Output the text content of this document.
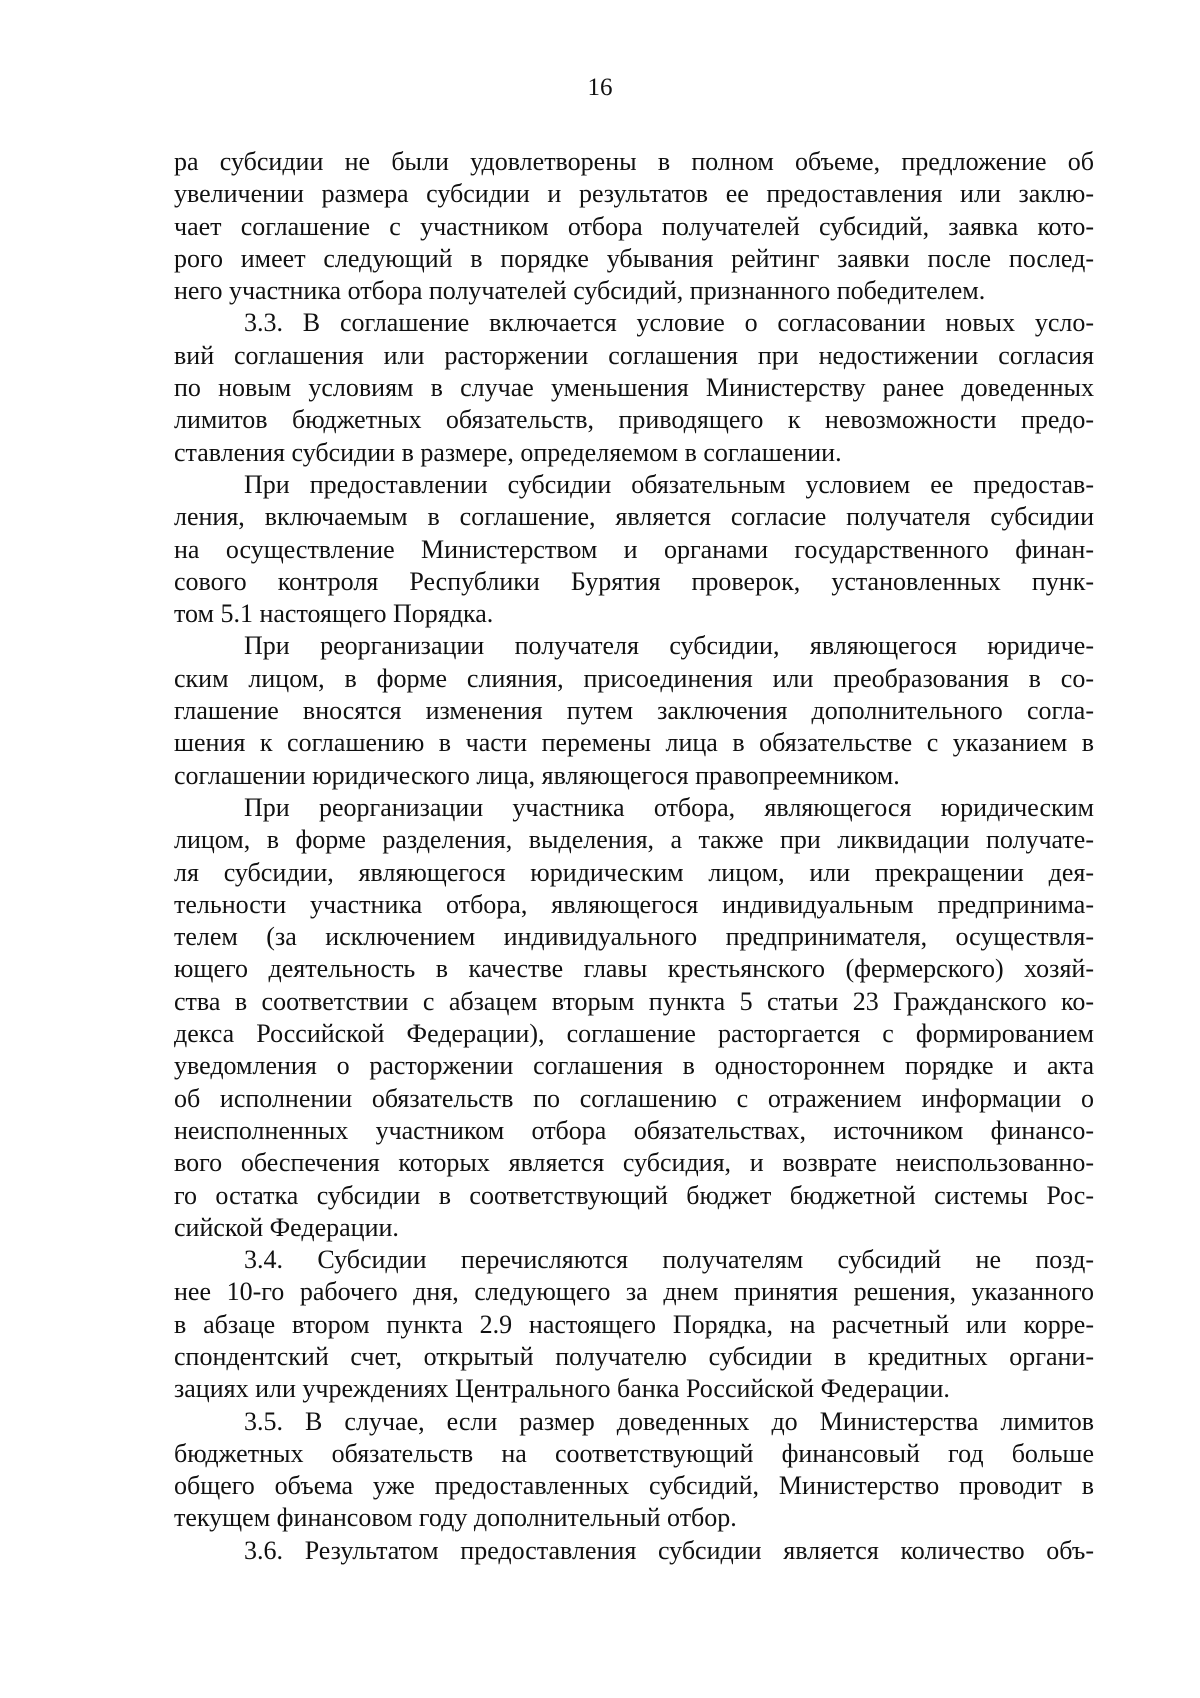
16

ра субсидии не были удовлетворены в полном объеме, предложение об
увеличении размера субсидии и результатов ее предоставления или заклю-
чает соглашение с участником отбора получателей субсидий, заявка кото-
рого имеет следующий в порядке убывания рейтинг заявки после послед-
него участника отбора получателей субсидий, признанного победителем.

3.3. В соглашение включается условие о согласовании новых усло-
вий соглашения или расторжении соглашения при недостижении согласия
по новым условиям в случае уменьшения Министерству ранее доведенных
лимитов бюджетных обязательств, приводящего к невозможности предо-
ставления субсидии в размере, определяемом в соглашении.

При предоставлении субсидии обязательным условием ее предостав-
ления, включаемым в соглашение, является согласие получателя субсидии
на осуществление Министерством и органами государственного финан-
сового контроля Республики Бурятия проверок, установленных пунк-
том 5.1 настоящего Порядка.

При реорганизации получателя субсидии, являющегося юридиче-
ским лицом, в форме слияния, присоединения или преобразования в со-
глашение вносятся изменения путем заключения дополнительного согла-
шения к соглашению в части перемены лица в обязательстве с указанием в
соглашении юридического лица, являющегося правопреемником.

При реорганизации участника отбора, являющегося юридическим
лицом, в форме разделения, выделения, а также при ликвидации получате-
ля субсидии, являющегося юридическим лицом, или прекращении дея-
тельности участника отбора, являющегося индивидуальным предпринима-
телем (за исключением индивидуального предпринимателя, осуществля-
ющего деятельность в качестве главы крестьянского (фермерского) хозяй-
ства в соответствии с абзацем вторым пункта 5 статьи 23 Гражданского ко-
декса Российской Федерации), соглашение расторгается с формированием
уведомления о расторжении соглашения в одностороннем порядке и акта
об исполнении обязательств по соглашению с отражением информации о
неисполненных участником отбора обязательствах, источником финансо-
вого обеспечения которых является субсидия, и возврате неиспользованно-
го остатка субсидии в соответствующий бюджет бюджетной системы Рос-
сийской Федерации.

3.4. Субсидии перечисляются получателям субсидий не позд-
нее 10-го рабочего дня, следующего за днем принятия решения, указанного
в абзаце втором пункта 2.9 настоящего Порядка, на расчетный или корре-
спондентский счет, открытый получателю субсидии в кредитных органи-
зациях или учреждениях Центрального банка Российской Федерации.

3.5. В случае, если размер доведенных до Министерства лимитов
бюджетных обязательств на соответствующий финансовый год больше
общего объема уже предоставленных субсидий, Министерство проводит в
текущем финансовом году дополнительный отбор.

3.6. Результатом предоставления субсидии является количество объ-
